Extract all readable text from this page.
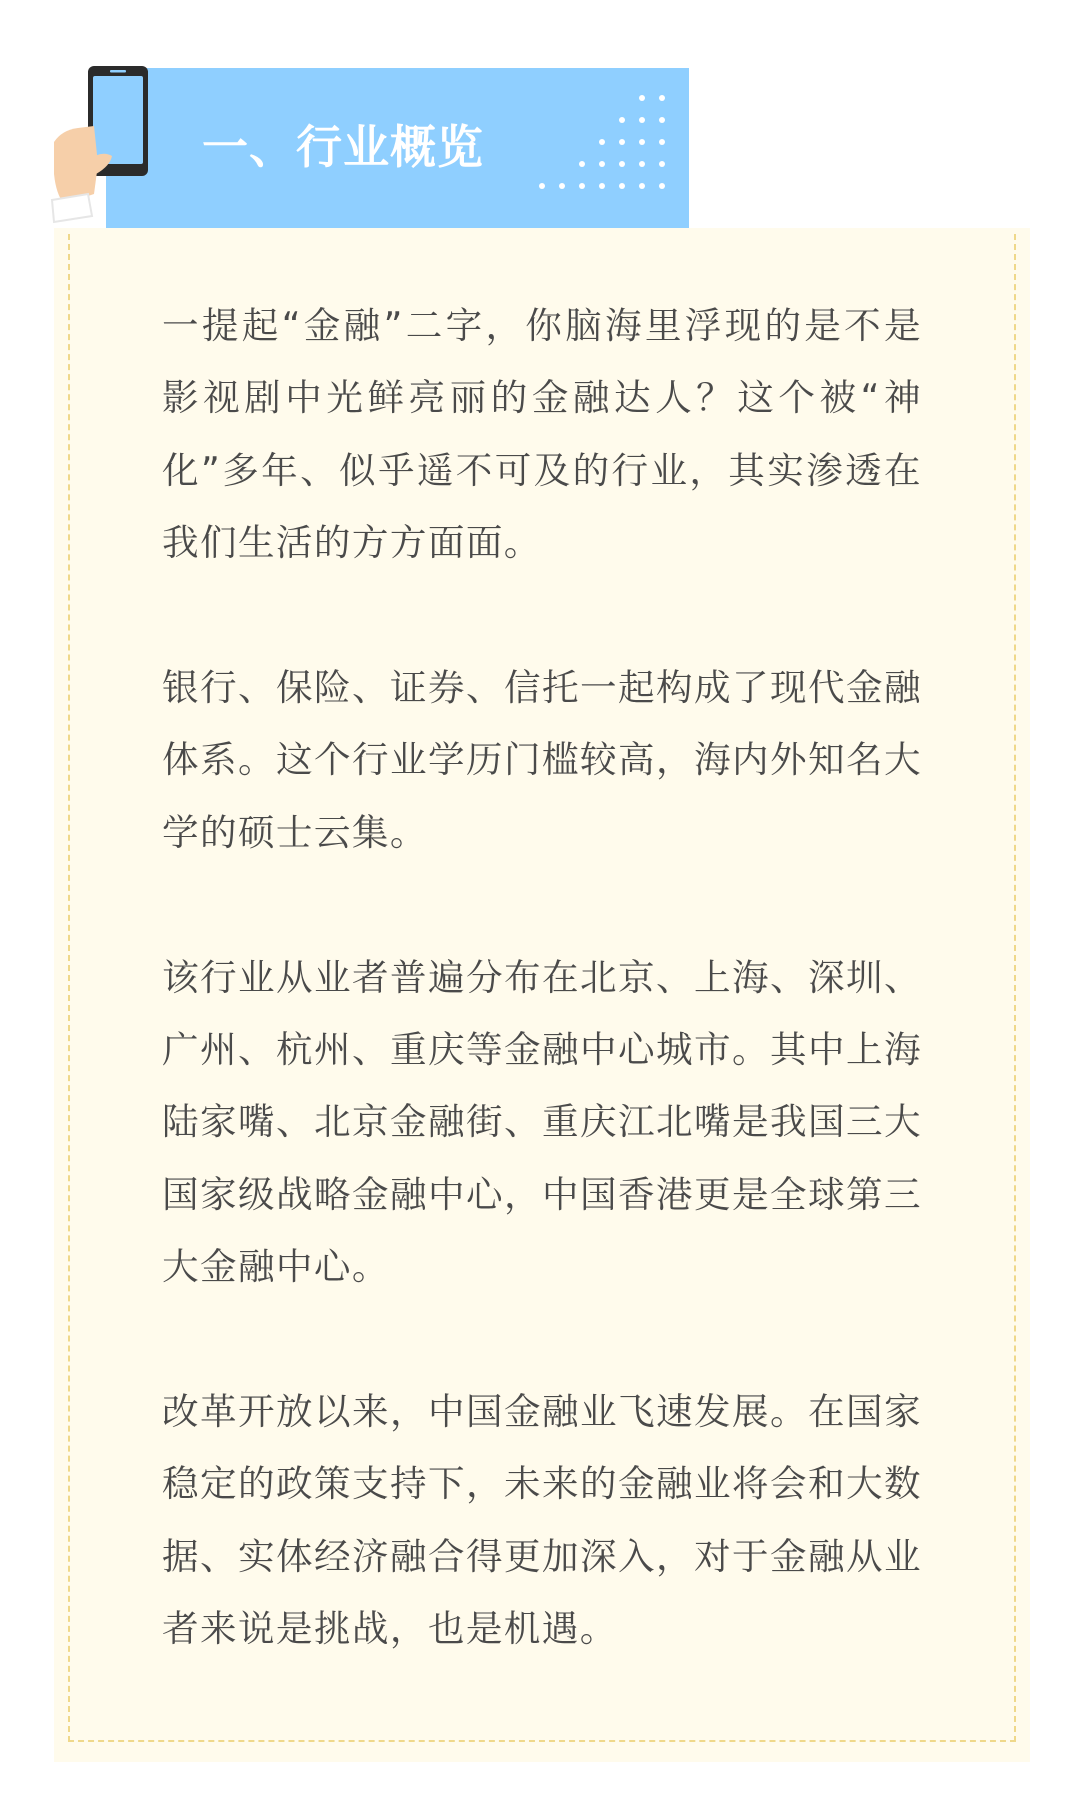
一提起“金融”二字，你脑海里浮现的是不是影视剧中光鲜亮丽的金融达人？这个被“神化”多年、似乎遥不可及的行业，其实渗透在我们生活的方方面面。

银行、保险、证券、信托一起构成了现代金融体系。这个行业学历门槛较高，海内外知名大学的硕士云集。

该行业从业者普遍分布在北京、上海、深圳、广州、杭州、重庆等金融中心城市。其中上海陆家嘴、北京金融街、重庆江北嘴是我国三大国家级战略金融中心，中国香港更是全球第三大金融中心。

改革开放以来，中国金融业飞速发展。在国家稳定的政策支持下，未来的金融业将会和大数据、实体经济融合得更加深入，对于金融从业者来说是挑战，也是机遇。

一、行业概览
